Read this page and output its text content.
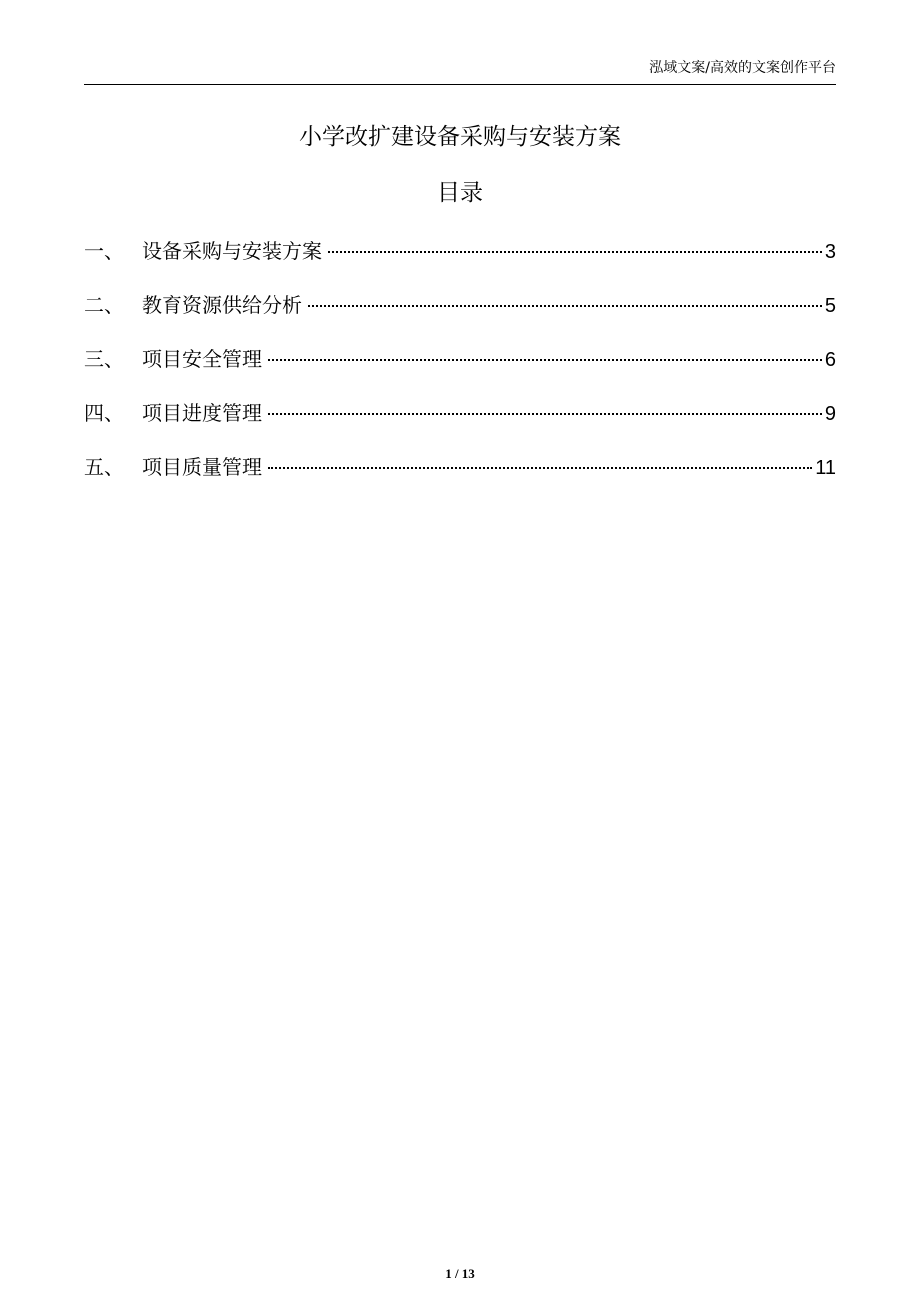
泓域文案/高效的文案创作平台
小学改扩建设备采购与安装方案
目录
一、 设备采购与安装方案	3
二、 教育资源供给分析	5
三、 项目安全管理	6
四、 项目进度管理	9
五、 项目质量管理	11
1 / 13
